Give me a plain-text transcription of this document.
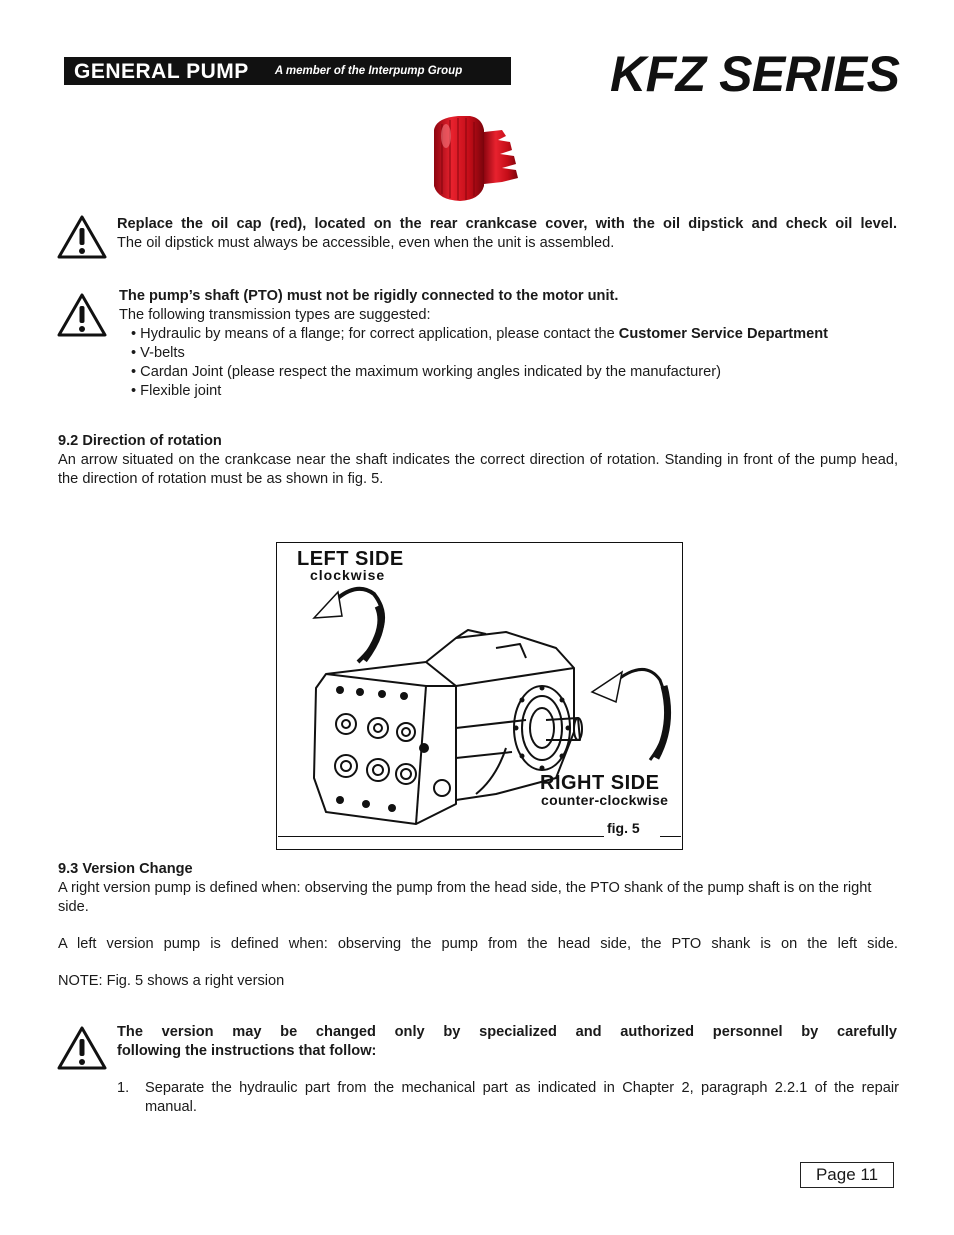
GENERAL PUMP A member of the Interpump Group	KFZ SERIES
Replace the oil cap (red), located on the rear crankcase cover, with the oil dipstick and check oil level.
The oil dipstick must always be accessible, even when the unit is assembled.
The pump’s shaft (PTO) must not be rigidly connected to the motor unit.
The following transmission types are suggested:
• Hydraulic by means of a flange; for correct application, please contact the Customer Service Department
• V-belts
• Cardan Joint (please respect the maximum working angles indicated by the manufacturer)
• Flexible joint
9.2 Direction of rotation
An arrow situated on the crankcase near the shaft indicates the correct direction of rotation. Standing in front of the pump head, the direction of rotation must be as shown in fig. 5.
LEFT SIDE
clockwise
RIGHT SIDE
counter-clockwise
fig. 5
9.3 Version Change
A right version pump is defined when: observing the pump from the head side, the PTO shank of the pump shaft is on the right side.
A left version pump is defined when: observing the pump from the head side, the PTO shank is on the left side.
NOTE: Fig. 5 shows a right version
The version may be changed only by specialized and authorized personnel by carefully
following the instructions that follow:
1.	Separate the hydraulic part from the mechanical part as indicated in Chapter 2, paragraph 2.2.1 of the repair manual.
Page 11
